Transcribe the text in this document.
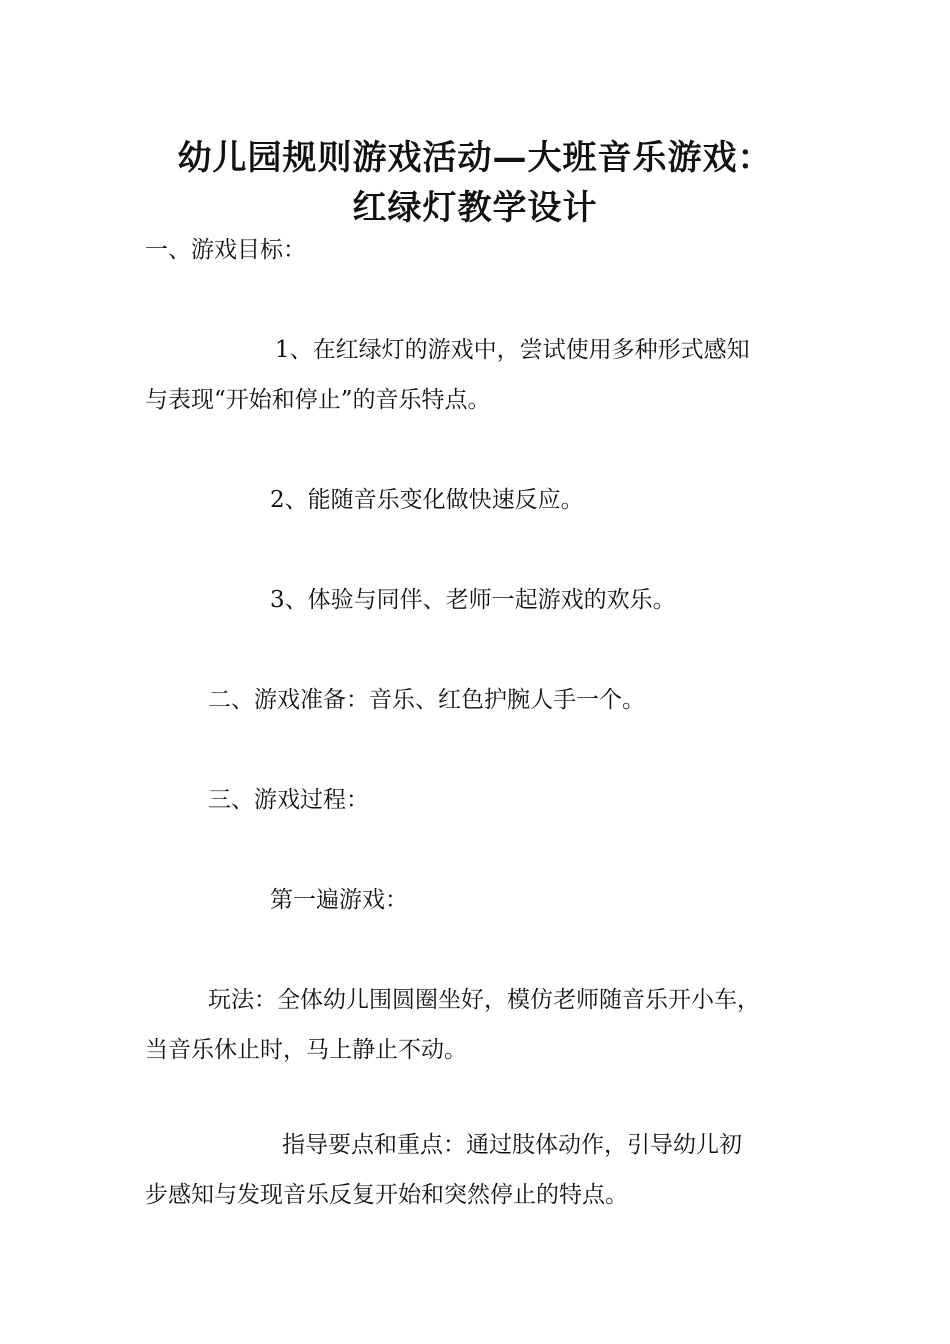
幼儿园规则游戏活动—大班音乐游戏：
红绿灯教学设计
一、游戏目标：
1、在红绿灯的游戏中，尝试使用多种形式感知
与表现“开始和停止”的音乐特点。
2、能随音乐变化做快速反应。
3、体验与同伴、老师一起游戏的欢乐。
二、游戏准备：音乐、红色护腕人手一个。
三、游戏过程：
第一遍游戏：
玩法：全体幼儿围圆圈坐好，模仿老师随音乐开小车，
当音乐休止时，马上静止不动。
指导要点和重点：通过肢体动作，引导幼儿初
步感知与发现音乐反复开始和突然停止的特点。
